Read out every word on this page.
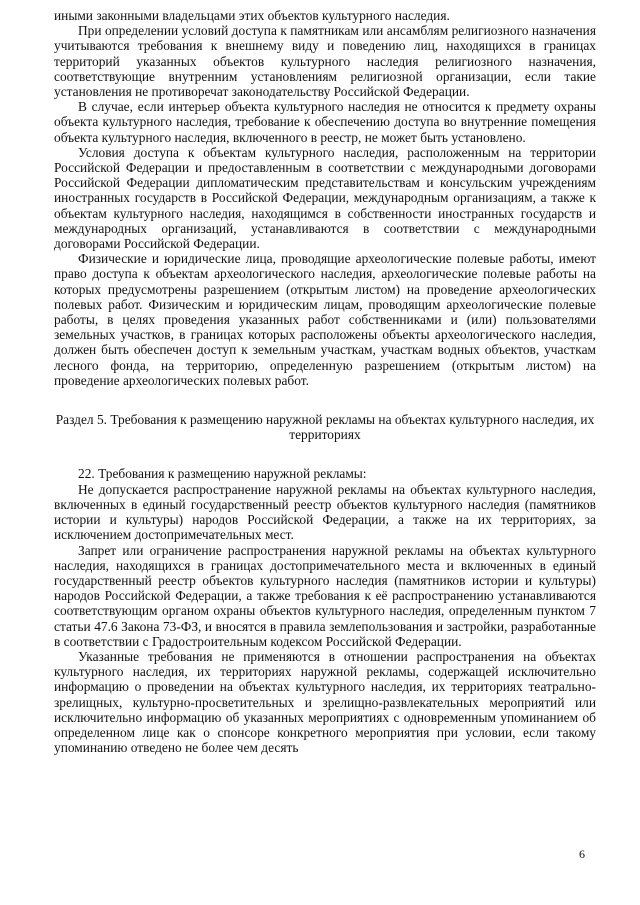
иными законными владельцами этих объектов культурного наследия.

При определении условий доступа к памятникам или ансамблям религиозного назначения учитываются требования к внешнему виду и поведению лиц, находящихся в границах территорий указанных объектов культурного наследия религиозного назначения, соответствующие внутренним установлениям религиозной организации, если такие установления не противоречат законодательству Российской Федерации.

В случае, если интерьер объекта культурного наследия не относится к предмету охраны объекта культурного наследия, требование к обеспечению доступа во внутренние помещения объекта культурного наследия, включенного в реестр, не может быть установлено.

Условия доступа к объектам культурного наследия, расположенным на территории Российской Федерации и предоставленным в соответствии с международными договорами Российской Федерации дипломатическим представительствам и консульским учреждениям иностранных государств в Российской Федерации, международным организациям, а также к объектам культурного наследия, находящимся в собственности иностранных государств и международных организаций, устанавливаются в соответствии с международными договорами Российской Федерации.

Физические и юридические лица, проводящие археологические полевые работы, имеют право доступа к объектам археологического наследия, археологические полевые работы на которых предусмотрены разрешением (открытым листом) на проведение археологических полевых работ. Физическим и юридическим лицам, проводящим археологические полевые работы, в целях проведения указанных работ собственниками и (или) пользователями земельных участков, в границах которых расположены объекты археологического наследия, должен быть обеспечен доступ к земельным участкам, участкам водных объектов, участкам лесного фонда, на территорию, определенную разрешением (открытым листом) на проведение археологических полевых работ.

Раздел 5. Требования к размещению наружной рекламы на объектах культурного наследия, их территориях

22. Требования к размещению наружной рекламы:

Не допускается распространение наружной рекламы на объектах культурного наследия, включенных в единый государственный реестр объектов культурного наследия (памятников истории и культуры) народов Российской Федерации, а также на их территориях, за исключением достопримечательных мест.

Запрет или ограничение распространения наружной рекламы на объектах культурного наследия, находящихся в границах достопримечательного места и включенных в единый государственный реестр объектов культурного наследия (памятников истории и культуры) народов Российской Федерации, а также требования к её распространению устанавливаются соответствующим органом охраны объектов культурного наследия, определенным пунктом 7 статьи 47.6 Закона 73-ФЗ, и вносятся в правила землепользования и застройки, разработанные в соответствии с Градостроительным кодексом Российской Федерации.

Указанные требования не применяются в отношении распространения на объектах культурного наследия, их территориях наружной рекламы, содержащей исключительно информацию о проведении на объектах культурного наследия, их территориях театрально-зрелищных, культурно-просветительных и зрелищно-развлекательных мероприятий или исключительно информацию об указанных мероприятиях с одновременным упоминанием об определенном лице как о спонсоре конкретного мероприятия при условии, если такому упоминанию отведено не более чем десять

6
